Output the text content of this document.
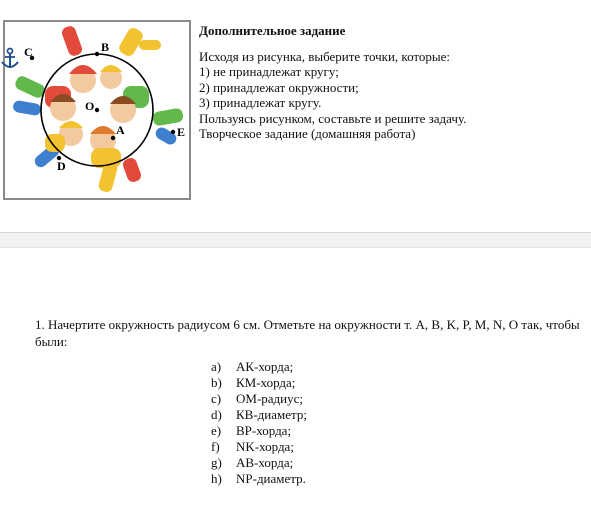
C	B
O
A	E
D
Дополнительное задание
Исходя из рисунка, выберите точки, которые:
1) не принадлежат кругу;
2) принадлежат окружности;
3) принадлежат кругу.
Пользуясь рисунком, составьте и решите задачу.
Творческое задание (домашняя работа)
1. Начертите окружность радиусом 6 см. Отметьте на окружности т. A, B, K, P, M, N, O так, чтобы были:
a)	АК-хорда;
b)	КМ-хорда;
c)	ОМ-радиус;
d)	КВ-диаметр;
e)	ВР-хорда;
f)	NK-хорда;
g)	АВ-хорда;
h)	NP-диаметр.
